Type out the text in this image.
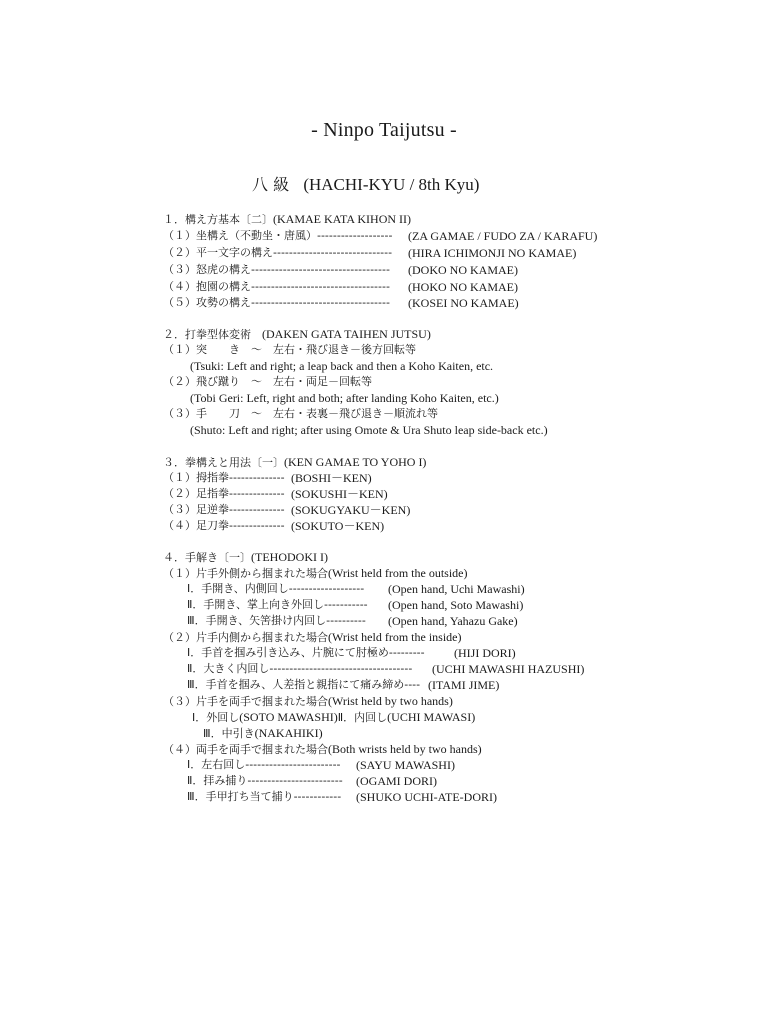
- Ninpo Taijutsu -
八 級 (HACHI-KYU / 8th Kyu)
１．構え方基本〔二〕(KAMAE KATA KIHON II)
（１）坐構え（不動坐・唐風）------------------- (ZA GAMAE / FUDO ZA / KARAFU)
（２）平一文字の構え------------------------------ (HIRA ICHIMONJI NO KAMAE)
（３）怒虎の構え----------------------------------- (DOKO NO KAMAE)
（４）抱園の構え----------------------------------- (HOKO NO KAMAE)
（５）攻勢の構え----------------------------------- (KOSEI NO KAMAE)
２．打拳型体変術　(DAKEN GATA TAIHEN JUTSU)
（１）突　　き　～　左右・飛び退き－後方回転等
(Tsuki: Left and right; a leap back and then a Koho Kaiten, etc.
（２）飛び蹴り　～　左右・両足－回転等
(Tobi Geri: Left, right and both; after landing Koho Kaiten, etc.)
（３）手　　刀　～　左右・表裏－飛び退き－順流れ等
(Shuto: Left and right; after using Omote & Ura Shuto leap side-back etc.)
３．拳構えと用法〔一〕(KEN GAMAE TO YOHO I)
（１）拇指拳-------------- (BOSHI－KEN)
（２）足指拳-------------- (SOKUSHI－KEN)
（３）足逆拳-------------- (SOKUGYAKU－KEN)
（４）足刀拳-------------- (SOKUTO－KEN)
４．手解き〔一〕(TEHODOKI I)
（１）片手外側から掴まれた場合(Wrist held from the outside)
Ⅰ．手開き、内側回し------------------- (Open hand, Uchi Mawashi)
Ⅱ．手開き、掌上向き外回し----------- (Open hand, Soto Mawashi)
Ⅲ．手開き、矢筈掛け内回し---------- (Open hand, Yahazu Gake)
（２）片手内側から掴まれた場合(Wrist held from the inside)
Ⅰ．手首を掴み引き込み、片腕にて肘極め--------- (HIJI DORI)
Ⅱ．大きく内回し------------------------------------ (UCHI MAWASHI HAZUSHI)
Ⅲ．手首を掴み、人差指と親指にて痛み締め---- (ITAMI JIME)
（３）片手を両手で掴まれた場合(Wrist held by two hands)
Ⅰ．外回し(SOTO MAWASHI)Ⅱ．内回し(UCHI MAWASI)
Ⅲ．中引き(NAKAHIKI)
（４）両手を両手で掴まれた場合(Both wrists held by two hands)
Ⅰ．左右回し------------------------ (SAYU MAWASHI)
Ⅱ．拝み捕り------------------------ (OGAMI DORI)
Ⅲ．手甲打ち当て捕り------------ (SHUKO UCHI-ATE-DORI)
